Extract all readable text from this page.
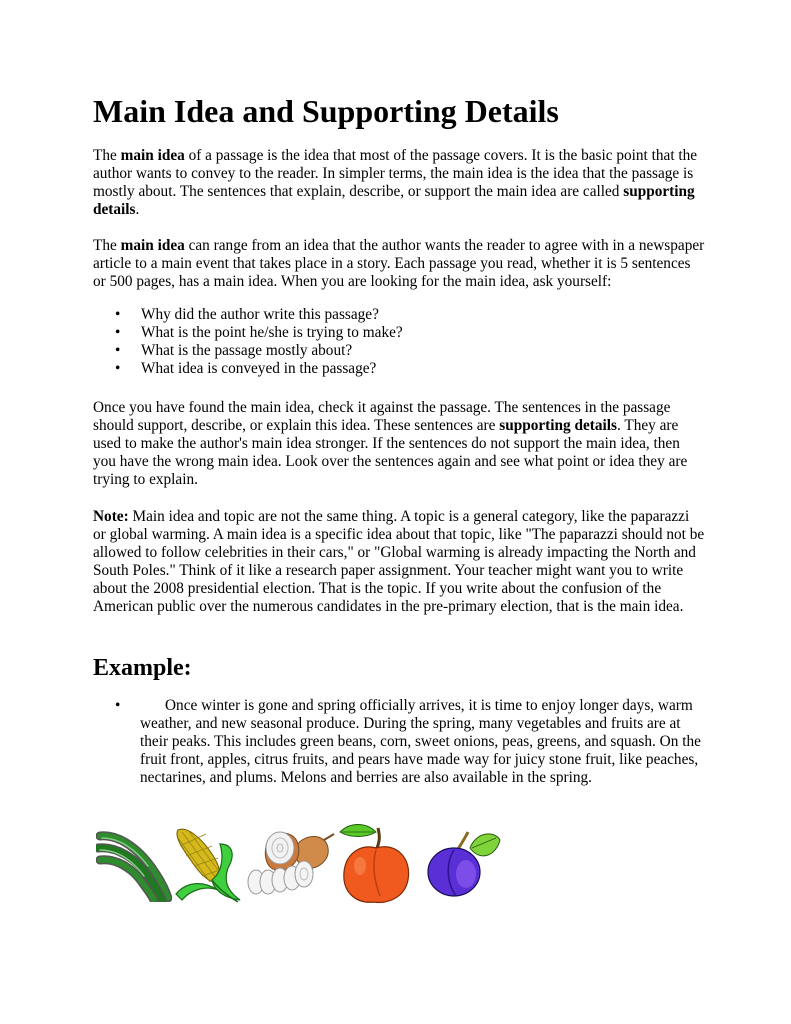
Main Idea and Supporting Details

The main idea of a passage is the idea that most of the passage covers. It is the basic point that the author wants to convey to the reader. In simpler terms, the main idea is the idea that the passage is mostly about. The sentences that explain, describe, or support the main idea are called supporting details.

The main idea can range from an idea that the author wants the reader to agree with in a newspaper article to a main event that takes place in a story. Each passage you read, whether it is 5 sentences or 500 pages, has a main idea. When you are looking for the main idea, ask yourself:

• Why did the author write this passage?
• What is the point he/she is trying to make?
• What is the passage mostly about?
• What idea is conveyed in the passage?

Once you have found the main idea, check it against the passage. The sentences in the passage should support, describe, or explain this idea. These sentences are supporting details. They are used to make the author's main idea stronger. If the sentences do not support the main idea, then you have the wrong main idea. Look over the sentences again and see what point or idea they are trying to explain.

Note: Main idea and topic are not the same thing. A topic is a general category, like the paparazzi or global warming. A main idea is a specific idea about that topic, like "The paparazzi should not be allowed to follow celebrities in their cars," or "Global warming is already impacting the North and South Poles." Think of it like a research paper assignment. Your teacher might want you to write about the 2008 presidential election. That is the topic. If you write about the confusion of the American public over the numerous candidates in the pre-primary election, that is the main idea.

Example:
•	Once winter is gone and spring officially arrives, it is time to enjoy longer days, warm weather, and new seasonal produce. During the spring, many vegetables and fruits are at their peaks. This includes green beans, corn, sweet onions, peas, greens, and squash. On the fruit front, apples, citrus fruits, and pears have made way for juicy stone fruit, like peaches, nectarines, and plums. Melons and berries are also available in the spring.
